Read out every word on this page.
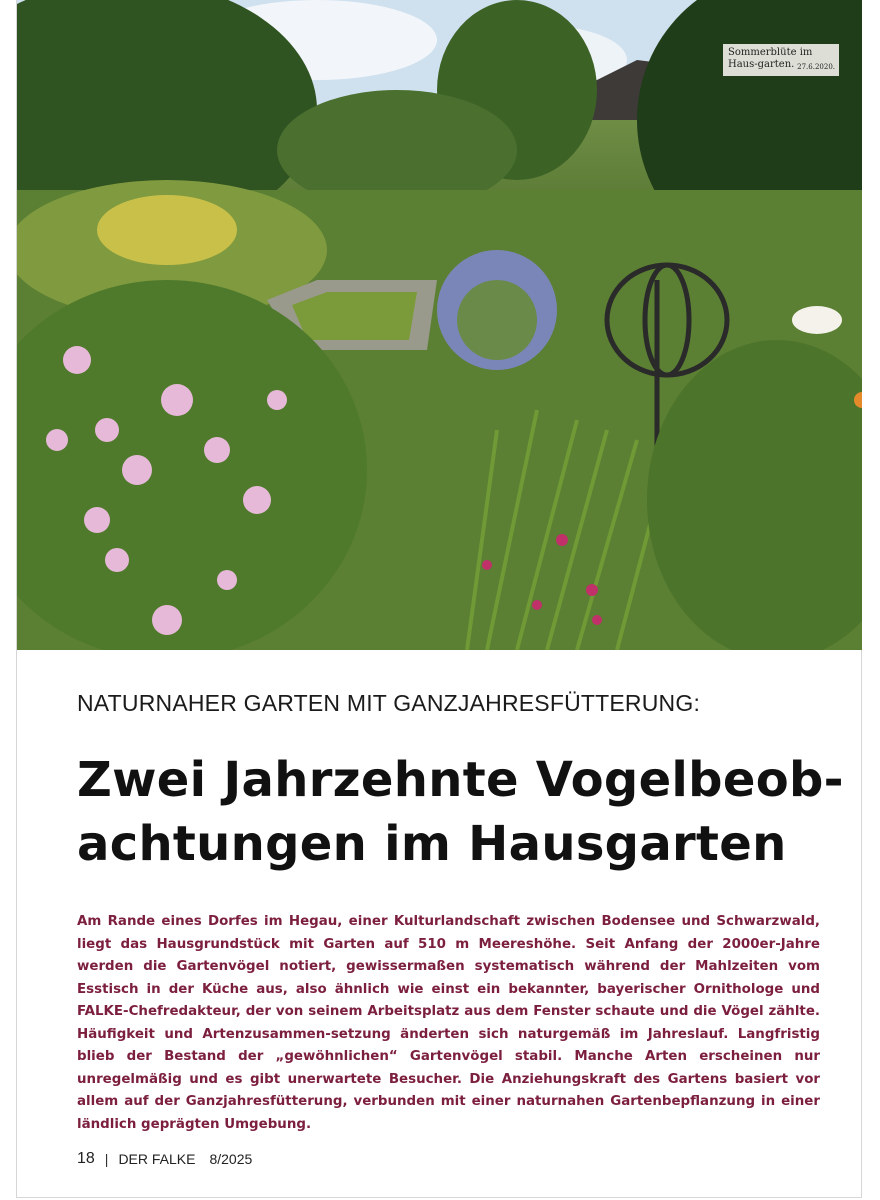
Sommerblüte im Haus-garten. 27.6.2020.
NATURNAHER GARTEN MIT GANZJAHRESFÜTTERUNG:
Zwei Jahrzehnte Vogelbeob-
achtungen im Hausgarten
Am Rande eines Dorfes im Hegau, einer Kulturlandschaft zwischen Bodensee und Schwarzwald, liegt das Hausgrundstück mit Garten auf 510 m Meereshöhe. Seit Anfang der 2000er-Jahre werden die Gartenvögel notiert, gewissermaßen systematisch während der Mahlzeiten vom Esstisch in der Küche aus, also ähnlich wie einst ein bekannter, bayerischer Ornithologe und FALKE-Chefredakteur, der von seinem Arbeitsplatz aus dem Fenster schaute und die Vögel zählte. Häufigkeit und Artenzusammen-setzung änderten sich naturgemäß im Jahreslauf. Langfristig blieb der Bestand der „gewöhnlichen“ Gartenvögel stabil. Manche Arten erscheinen nur unregelmäßig und es gibt unerwartete Besucher. Die Anziehungskraft des Gartens basiert vor allem auf der Ganzjahresfütterung, verbunden mit einer naturnahen Gartenbepflanzung in einer ländlich geprägten Umgebung.
18 | DER FALKE 8/2025
